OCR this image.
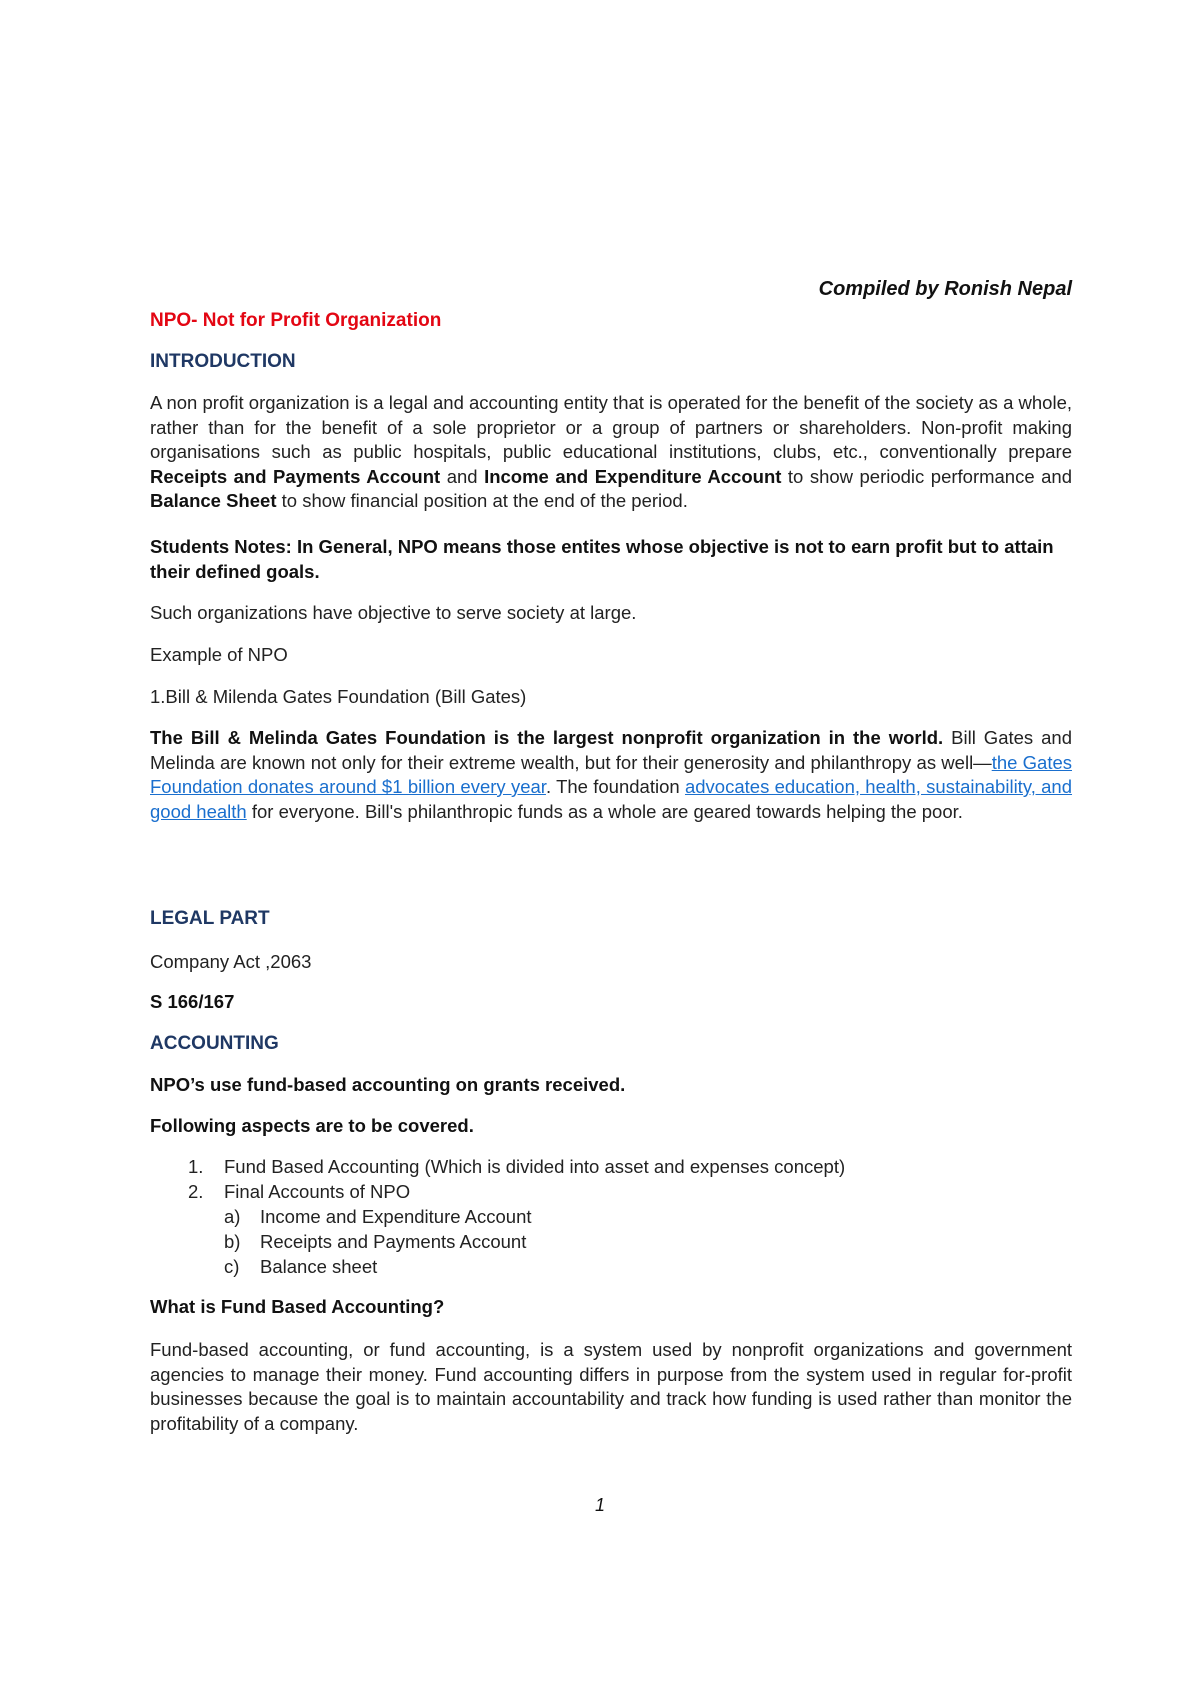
Compiled by Ronish Nepal
NPO- Not for Profit Organization
INTRODUCTION
A non profit organization is a legal and accounting entity that is operated for the benefit of the society as a whole, rather than for the benefit of a sole proprietor or a group of partners or shareholders. Non-profit making organisations such as public hospitals, public educational institutions, clubs, etc., conventionally prepare Receipts and Payments Account and Income and Expenditure Account to show periodic performance and Balance Sheet to show financial position at the end of the period.
Students Notes: In General, NPO means those entites whose objective is not to earn profit but to attain their defined goals.
Such organizations have objective to serve society at large.
Example of NPO
1.Bill & Milenda Gates Foundation (Bill Gates)
The Bill & Melinda Gates Foundation is the largest nonprofit organization in the world. Bill Gates and Melinda are known not only for their extreme wealth, but for their generosity and philanthropy as well—the Gates Foundation donates around $1 billion every year. The foundation advocates education, health, sustainability, and good health for everyone. Bill's philanthropic funds as a whole are geared towards helping the poor.
LEGAL PART
Company Act ,2063
S 166/167
ACCOUNTING
NPO’s use fund-based accounting on grants received.
Following aspects are to be covered.
1. Fund Based Accounting (Which is divided into asset and expenses concept)
2. Final Accounts of NPO
a) Income and Expenditure Account
b) Receipts and Payments Account
c) Balance sheet
What is Fund Based Accounting?
Fund-based accounting, or fund accounting, is a system used by nonprofit organizations and government agencies to manage their money. Fund accounting differs in purpose from the system used in regular for-profit businesses because the goal is to maintain accountability and track how funding is used rather than monitor the profitability of a company.
1
